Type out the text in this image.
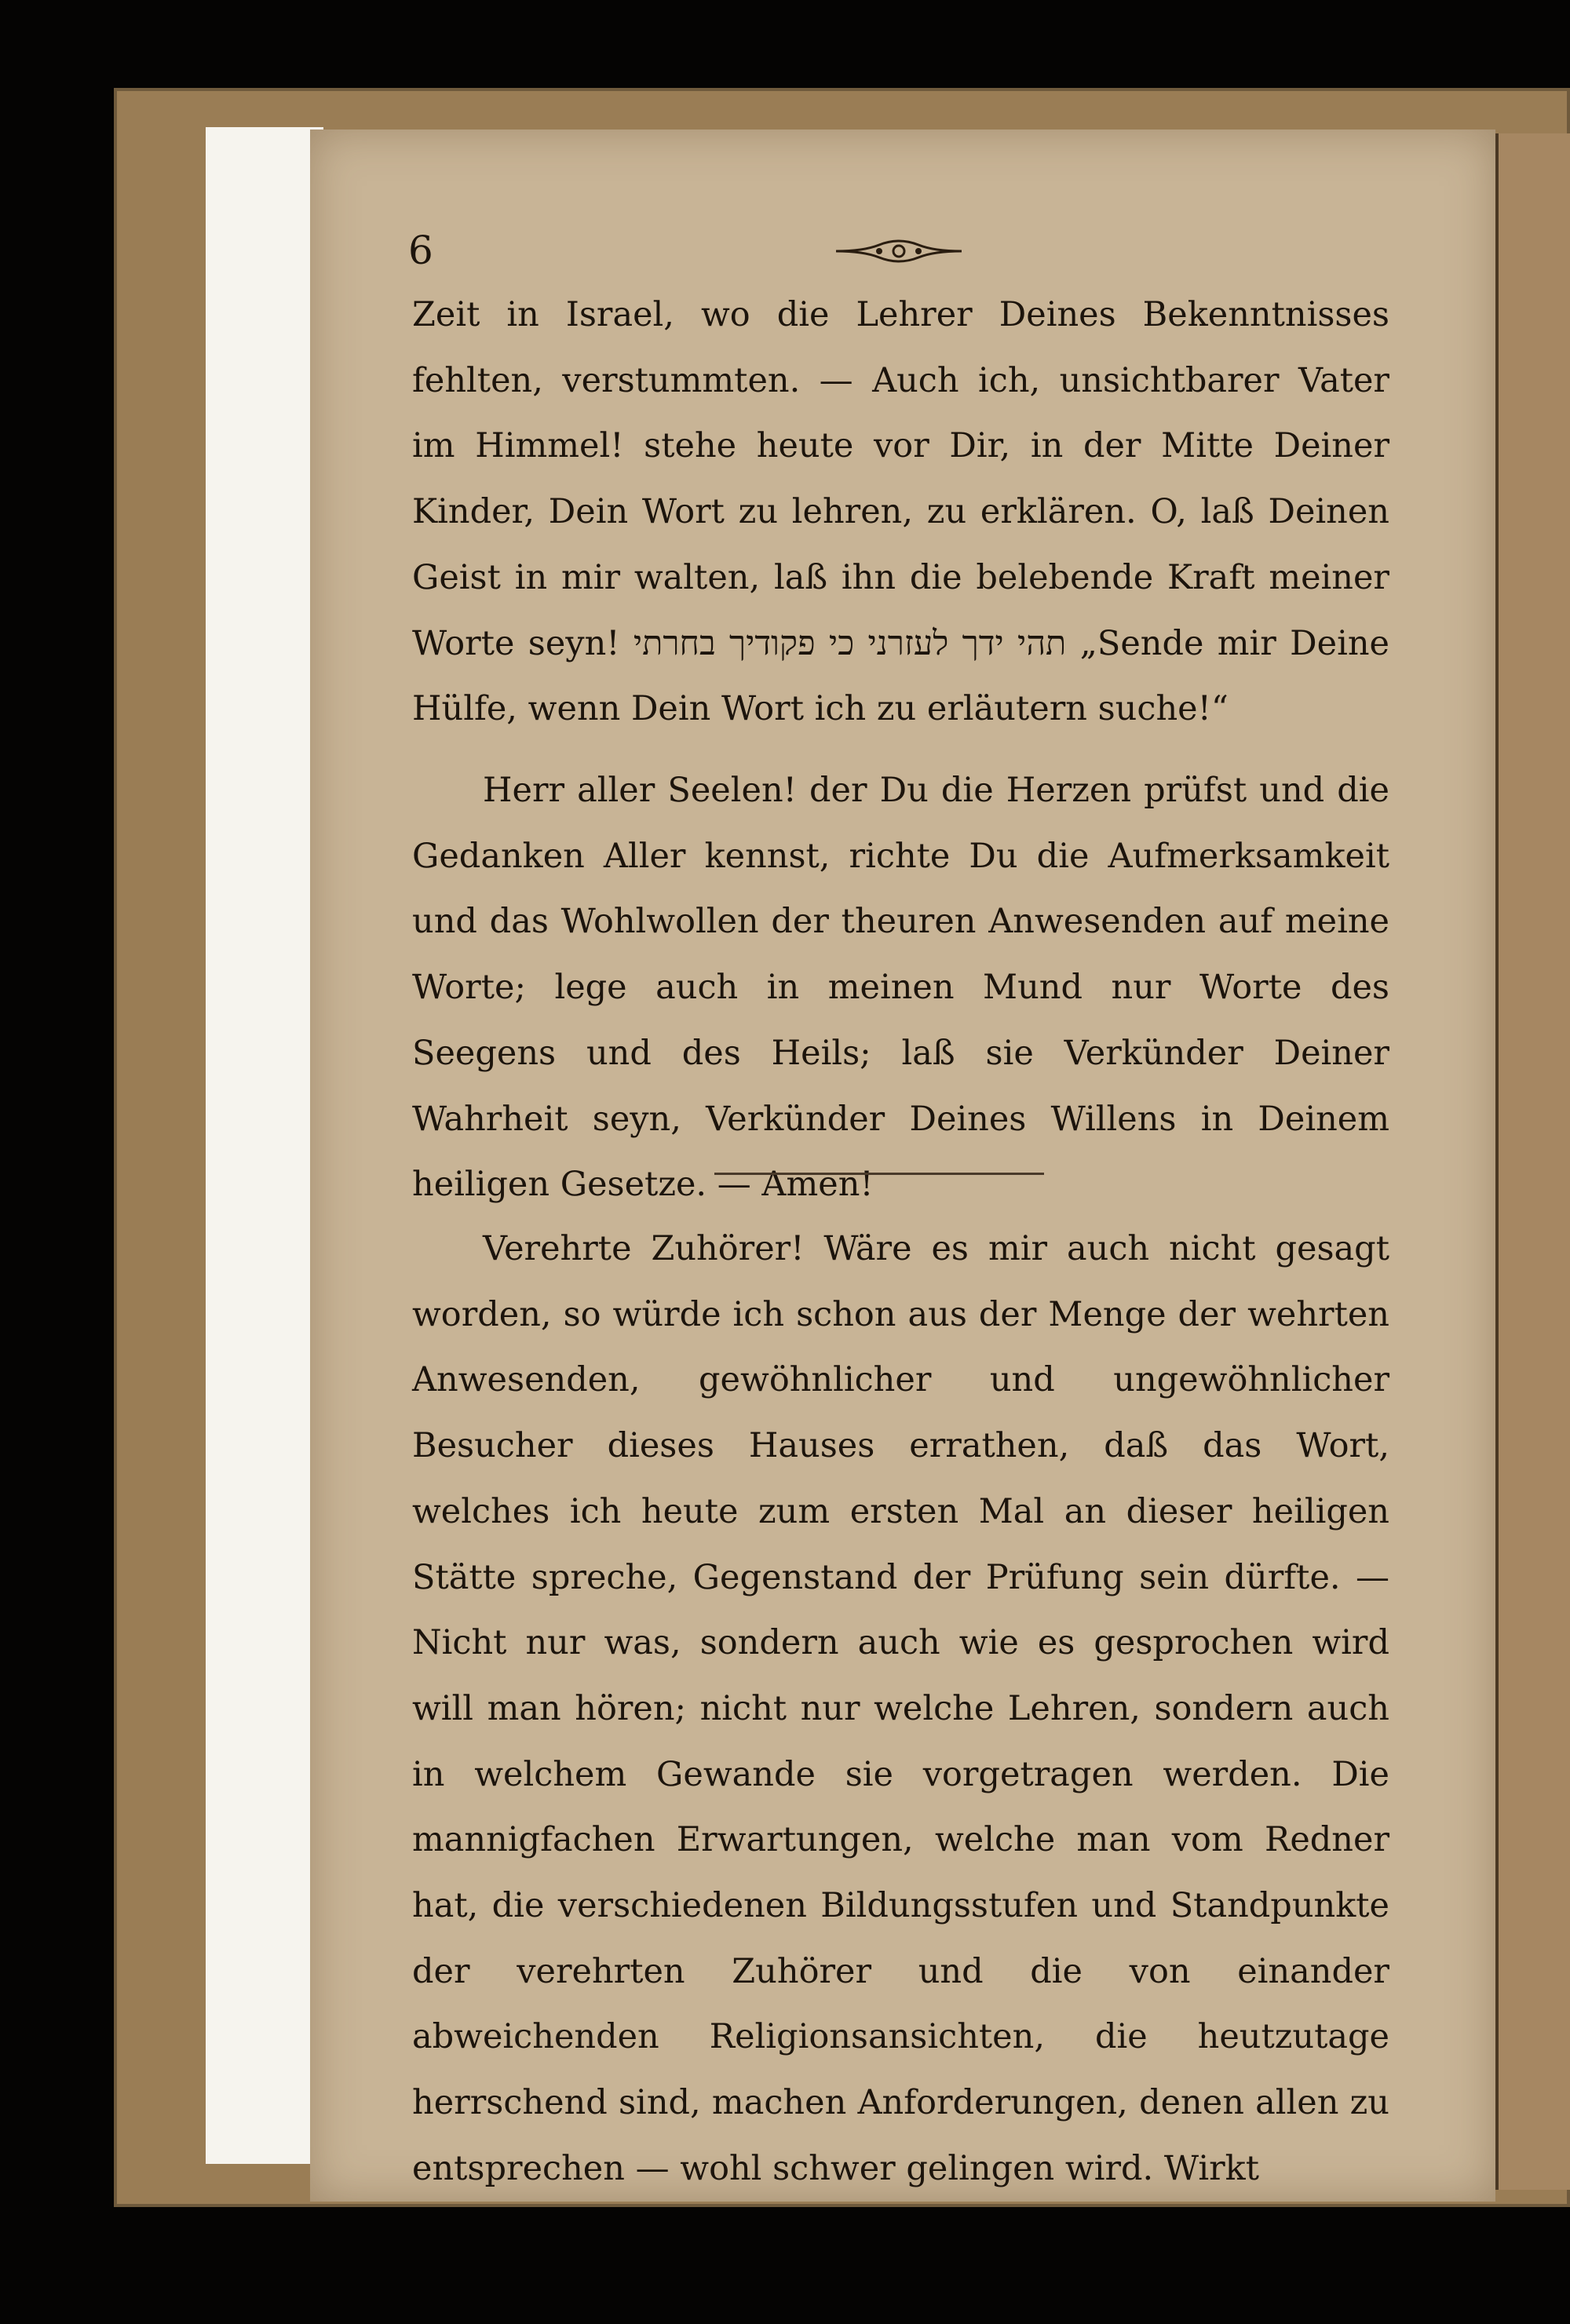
6

Zeit in Israel, wo die Lehrer Deines Bekenntnisses fehlten, verstummten. — Auch ich, unsichtbarer Vater im Himmel! stehe heute vor Dir, in der Mitte Deiner Kinder, Dein Wort zu lehren, zu erklären. O, laß Deinen Geist in mir walten, laß ihn die belebende Kraft meiner Worte seyn! תהי ידך לעזרני כי פקודיך בחרתי „Sende mir Deine Hülfe, wenn Dein Wort ich zu erläutern suche!“

Herr aller Seelen! der Du die Herzen prüfst und die Gedanken Aller kennst, richte Du die Aufmerksamkeit und das Wohlwollen der theuren Anwesenden auf meine Worte; lege auch in meinen Mund nur Worte des Seegens und des Heils; laß sie Verkünder Deiner Wahrheit seyn, Verkünder Deines Willens in Deinem heiligen Gesetze. — Amen!

Verehrte Zuhörer! Wäre es mir auch nicht gesagt worden, so würde ich schon aus der Menge der wehrten Anwesenden, gewöhnlicher und ungewöhnlicher Besucher dieses Hauses errathen, daß das Wort, welches ich heute zum ersten Mal an dieser heiligen Stätte spreche, Gegenstand der Prüfung sein dürfte. — Nicht nur was, sondern auch wie es gesprochen wird will man hören; nicht nur welche Lehren, sondern auch in welchem Gewande sie vorgetragen werden. Die mannigfachen Erwartungen, welche man vom Redner hat, die verschiedenen Bildungsstufen und Standpunkte der verehrten Zuhörer und die von einander abweichenden Religionsansichten, die heutzutage herrschend sind, machen Anforderungen, denen allen zu entsprechen — wohl schwer gelingen wird. Wirkt
